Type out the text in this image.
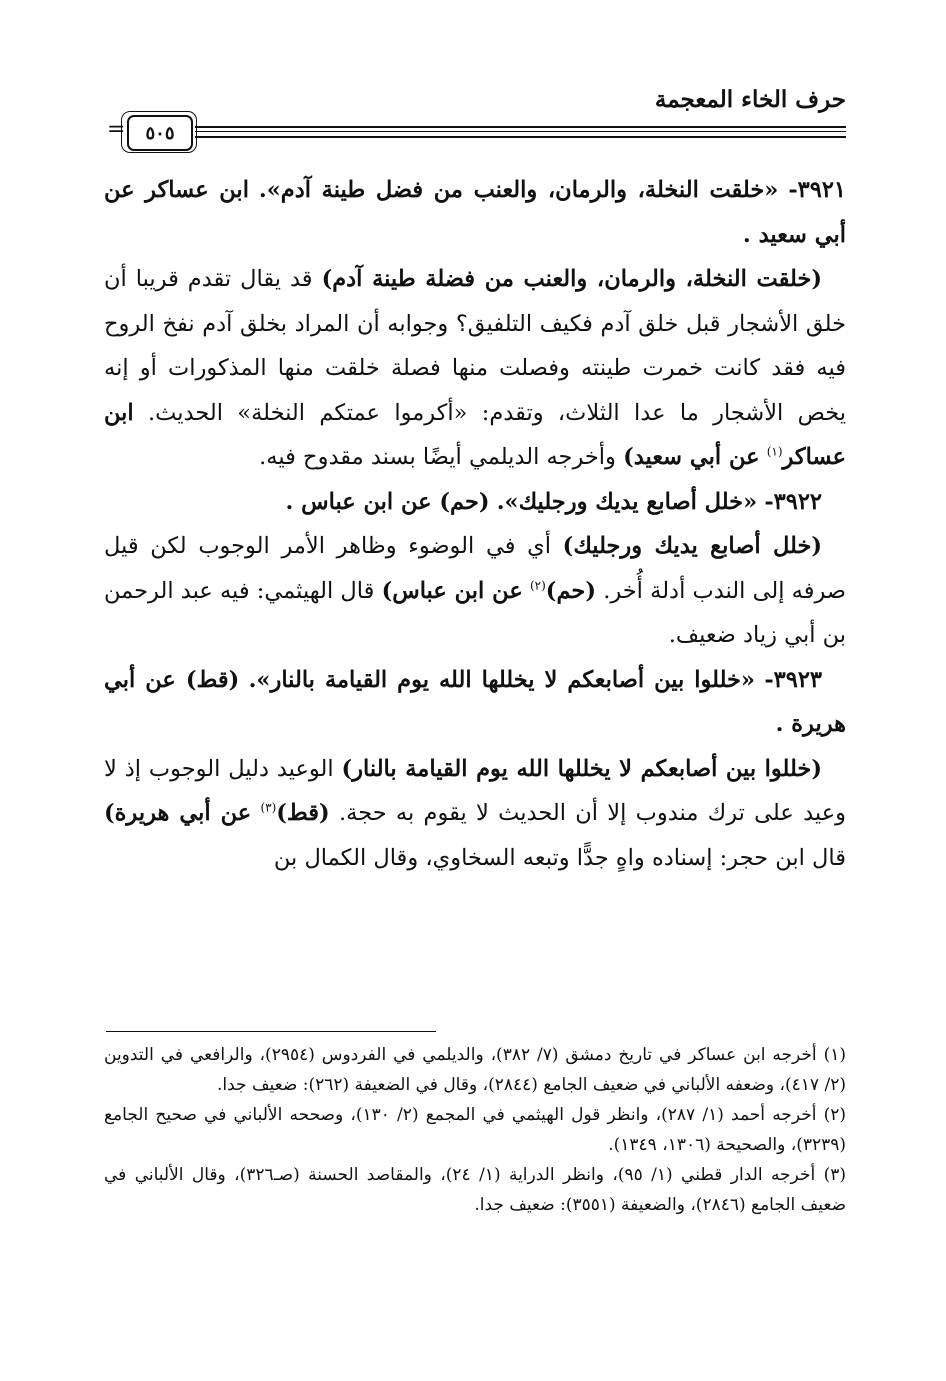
حرف الخاء المعجمة
٥٠٥
=

٣٩٢١- «خلقت النخلة، والرمان، والعنب من فضل طينة آدم». ابن عساكر عن أبي سعيد .

(خلقت النخلة، والرمان، والعنب من فضلة طينة آدم) قد يقال تقدم قريبا أن خلق الأشجار قبل خلق آدم فكيف التلفيق؟ وجوابه أن المراد بخلق آدم نفخ الروح فيه فقد كانت خمرت طينته وفصلت منها فصلة خلقت منها المذكورات أو إنه يخص الأشجار ما عدا الثلاث، وتقدم: «أكرموا عمتكم النخلة» الحديث. ابن عساكر$^{(١)}$ عن أبي سعيد) وأخرجه الديلمي أيضًا بسند مقدوح فيه.

٣٩٢٢- «خلل أصابع يديك ورجليك». (حم) عن ابن عباس .

(خلل أصابع يديك ورجليك) أي في الوضوء وظاهر الأمر الوجوب لكن قيل صرفه إلى الندب أدلة أُخر. (حم)$^{(٢)}$ عن ابن عباس) قال الهيثمي: فيه عبد الرحمن بن أبي زياد ضعيف.

٣٩٢٣- «خللوا بين أصابعكم لا يخللها الله يوم القيامة بالنار». (قط) عن أبي هريرة .

(خللوا بين أصابعكم لا يخللها الله يوم القيامة بالنار) الوعيد دليل الوجوب إذ لا وعيد على ترك مندوب إلا أن الحديث لا يقوم به حجة. (قط)$^{(٣)}$ عن أبي هريرة) قال ابن حجر: إسناده واهٍ جدًّا وتبعه السخاوي، وقال الكمال بن

(١) أخرجه ابن عساكر في تاريخ دمشق (٧/ ٣٨٢)، والديلمي في الفردوس (٢٩٥٤)، والرافعي في التدوين (٢/ ٤١٧)، وضعفه الألباني في ضعيف الجامع (٢٨٤٤)، وقال في الضعيفة (٢٦٢): ضعيف جدا.

(٢) أخرجه أحمد (١/ ٢٨٧)، وانظر قول الهيثمي في المجمع (٢/ ١٣٠)، وصححه الألباني في صحيح الجامع (٣٢٣٩)، والصحيحة (١٣٠٦، ١٣٤٩).

(٣) أخرجه الدار قطني (١/ ٩٥)، وانظر الدراية (١/ ٢٤)، والمقاصد الحسنة (صـ٣٢٦)، وقال الألباني في ضعيف الجامع (٢٨٤٦)، والضعيفة (٣٥٥١): ضعيف جدا.
